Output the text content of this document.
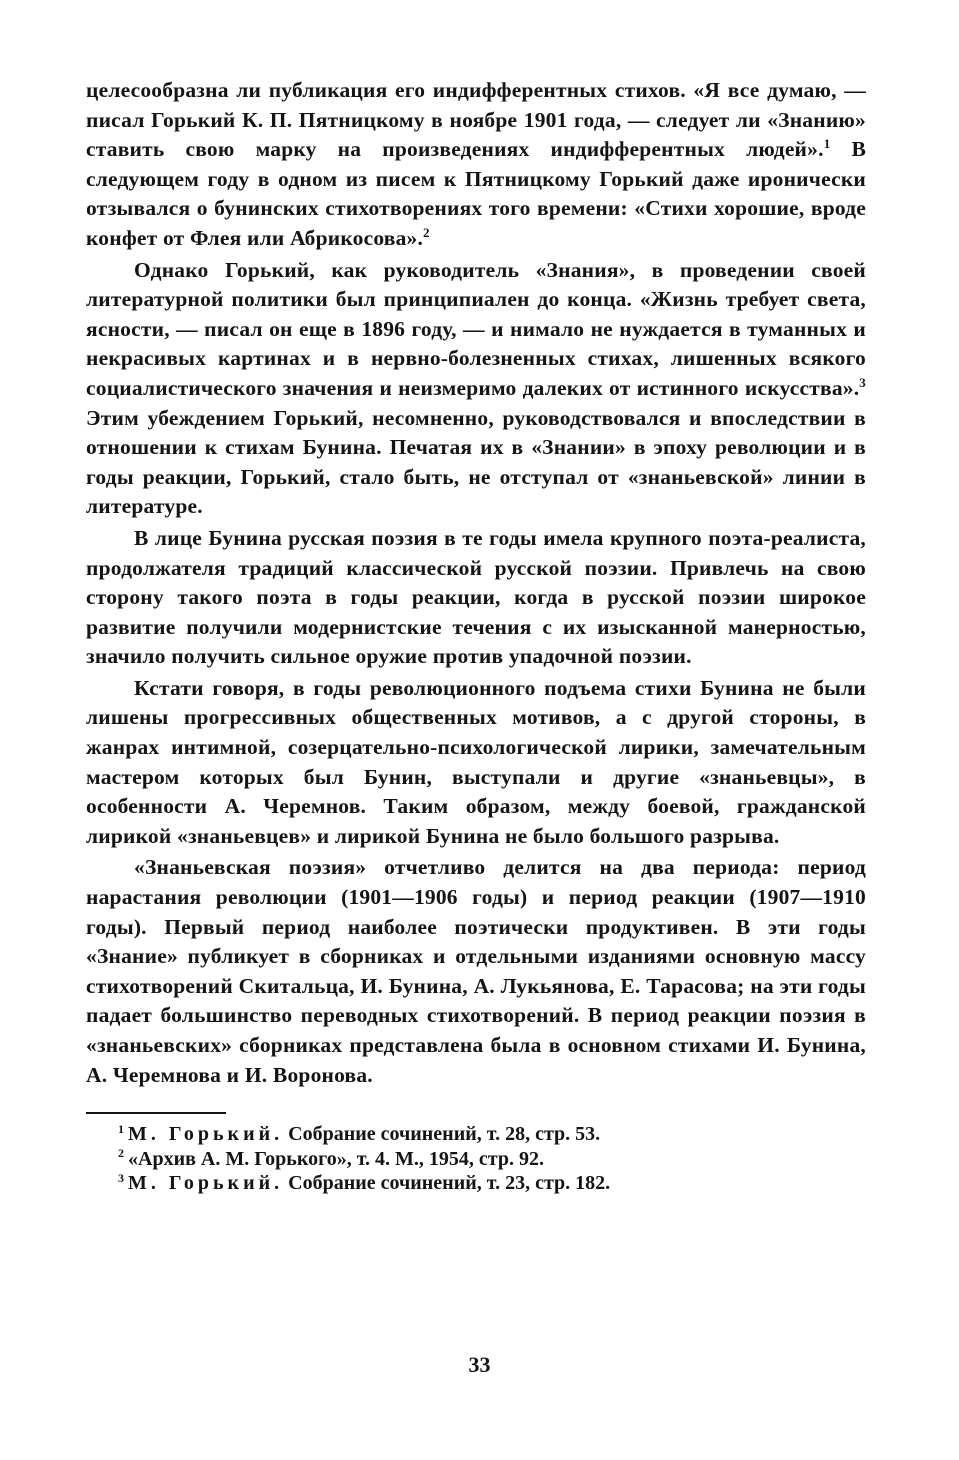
целесообразна ли публикация его индифферентных стихов. «Я все думаю, — писал Горький К. П. Пятницкому в ноябре 1901 года, — следует ли «Знанию» ставить свою марку на произведениях индифферентных людей».$^1$ В следующем году в одном из писем к Пятницкому Горький даже иронически отзывался о бунинских стихотворениях того времени: «Стихи хорошие, вроде конфет от Флея или Абрикосова».$^2$

Однако Горький, как руководитель «Знания», в проведении своей литературной политики был принципиален до конца. «Жизнь требует света, ясности, — писал он еще в 1896 году, — и нимало не нуждается в туманных и некрасивых картинах и в нервно-болезненных стихах, лишенных всякого социалистического значения и неизмеримо далеких от истинного искусства».$^3$ Этим убеждением Горький, несомненно, руководствовался и впоследствии в отношении к стихам Бунина. Печатая их в «Знании» в эпоху революции и в годы реакции, Горький, стало быть, не отступал от «знаньевской» линии в литературе.

В лице Бунина русская поэзия в те годы имела крупного поэта-реалиста, продолжателя традиций классической русской поэзии. Привлечь на свою сторону такого поэта в годы реакции, когда в русской поэзии широкое развитие получили модернистские течения с их изысканной манерностью, значило получить сильное оружие против упадочной поэзии.

Кстати говоря, в годы революционного подъема стихи Бунина не были лишены прогрессивных общественных мотивов, а с другой стороны, в жанрах интимной, созерцательно-психологической лирики, замечательным мастером которых был Бунин, выступали и другие «знаньевцы», в особенности А. Черемнов. Таким образом, между боевой, гражданской лирикой «знаньевцев» и лирикой Бунина не было большого разрыва.

«Знаньевская поэзия» отчетливо делится на два периода: период нарастания революции (1901—1906 годы) и период реакции (1907—1910 годы). Первый период наиболее поэтически продуктивен. В эти годы «Знание» публикует в сборниках и отдельными изданиями основную массу стихотворений Скитальца, И. Бунина, А. Лукьянова, Е. Тарасова; на эти годы падает большинство переводных стихотворений. В период реакции поэзия в «знаньевских» сборниках представлена была в основном стихами И. Бунина, А. Черемнова и И. Воронова.

$^1$ М. Горький. Собрание сочинений, т. 28, стр. 53.
$^2$ «Архив А. М. Горького», т. 4. М., 1954, стр. 92.
$^3$ М. Горький. Собрание сочинений, т. 23, стр. 182.
33
